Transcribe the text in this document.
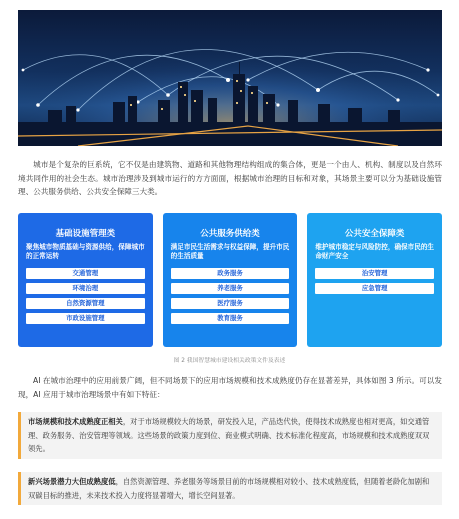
城市是个复杂的巨系统，它不仅是由建筑物、道路和其他物理结构组成的集合体，更是一个由人、机构、制度以及自然环境共同作用的社会生态。城市治理涉及到城市运行的方方面面，根据城市治理的目标和对象，其场景主要可以分为基础设施管理、公共服务供给、公共安全保障三大类。

基础设施管理类
聚焦城市物质基础与资源供给，保障城市的正常运转
交通管理
环境治理
自然资源管理
市政设施管理
公共服务供给类
满足市民生活需求与权益保障，提升市民的生活质量
政务服务
养老服务
医疗服务
教育服务
公共安全保障类
维护城市稳定与风险防控，确保市民的生命财产安全
治安管理
应急管理
图 2 我国智慧城市建设相关政策文件及表述

AI 在城市治理中的应用前景广阔，但不同场景下的应用市场规模和技术成熟度仍存在显著差异，具体如图 3 所示。可以发现，AI 应用于城市治理场景中有如下特征：

市场规模和技术成熟度正相关，对于市场规模较大的场景，研发投入足，产品迭代快，使得技术成熟度也相对更高，如交通管理、政务服务、治安管理等领域。这些场景的政策力度到位、商业模式明确、技术标准化程度高，市场规模和技术成熟度双双领先。
新兴场景潜力大但成熟度低，自然资源管理、养老服务等场景目前的市场规模相对较小、技术成熟度低，但随着老龄化加剧和双碳目标的推进，未来技术投入力度将显著增大，增长空间显著。
